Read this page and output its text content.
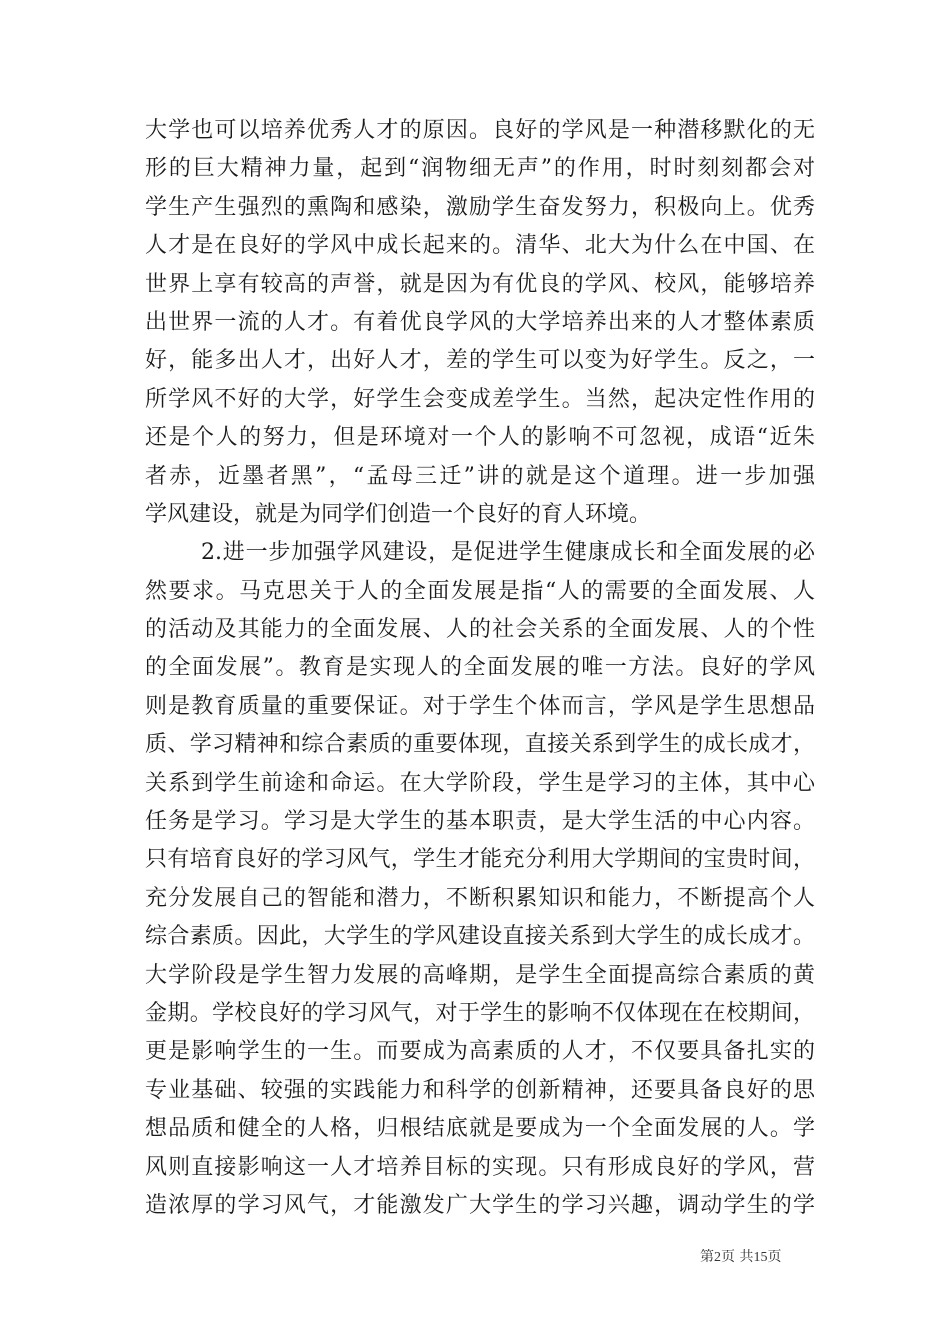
大学也可以培养优秀人才的原因。良好的学风是一种潜移默化的无
形的巨大精神力量，起到“润物细无声”的作用，时时刻刻都会对
学生产生强烈的熏陶和感染，激励学生奋发努力，积极向上。优秀
人才是在良好的学风中成长起来的。清华、北大为什么在中国、在
世界上享有较高的声誉，就是因为有优良的学风、校风，能够培养
出世界一流的人才。有着优良学风的大学培养出来的人才整体素质
好，能多出人才，出好人才，差的学生可以变为好学生。反之，一
所学风不好的大学，好学生会变成差学生。当然，起决定性作用的
还是个人的努力，但是环境对一个人的影响不可忽视，成语“近朱
者赤，近墨者黑”，“孟母三迁”讲的就是这个道理。进一步加强
学风建设，就是为同学们创造一个良好的育人环境。
2.进一步加强学风建设，是促进学生健康成长和全面发展的必
然要求。马克思关于人的全面发展是指“人的需要的全面发展、人
的活动及其能力的全面发展、人的社会关系的全面发展、人的个性
的全面发展”。教育是实现人的全面发展的唯一方法。良好的学风
则是教育质量的重要保证。对于学生个体而言，学风是学生思想品
质、学习精神和综合素质的重要体现，直接关系到学生的成长成才，
关系到学生前途和命运。在大学阶段，学生是学习的主体，其中心
任务是学习。学习是大学生的基本职责，是大学生活的中心内容。
只有培育良好的学习风气，学生才能充分利用大学期间的宝贵时间，
充分发展自己的智能和潜力，不断积累知识和能力，不断提高个人
综合素质。因此，大学生的学风建设直接关系到大学生的成长成才。
大学阶段是学生智力发展的高峰期，是学生全面提高综合素质的黄
金期。学校良好的学习风气，对于学生的影响不仅体现在在校期间，
更是影响学生的一生。而要成为高素质的人才，不仅要具备扎实的
专业基础、较强的实践能力和科学的创新精神，还要具备良好的思
想品质和健全的人格，归根结底就是要成为一个全面发展的人。学
风则直接影响这一人才培养目标的实现。只有形成良好的学风，营
造浓厚的学习风气，才能激发广大学生的学习兴趣，调动学生的学
第2页 共15页
